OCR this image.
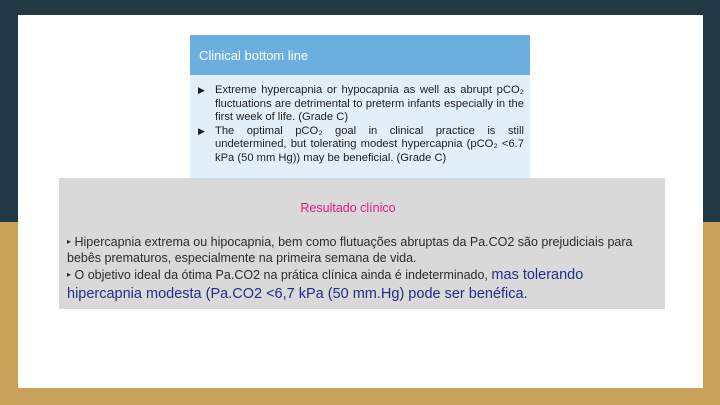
Clinical bottom line
▶ Extreme hypercapnia or hypocapnia as well as abrupt pCO₂ fluctuations are detrimental to preterm infants especially in the first week of life. (Grade C)
▶ The optimal pCO₂ goal in clinical practice is still undetermined, but tolerating modest hypercapnia (pCO₂ <6.7 kPa (50 mm Hg)) may be beneficial. (Grade C)
Resultado clínico

▸ Hipercapnia extrema ou hipocapnia, bem como flutuações abruptas da Pa.CO2 são prejudiciais para bebês prematuros, especialmente na primeira semana de vida.

▸ O objetivo ideal da ótima Pa.CO2 na prática clínica ainda é indeterminado, mas tolerando hipercapnia modesta (Pa.CO2 <6,7 kPa (50 mm.Hg) pode ser benéfica.
